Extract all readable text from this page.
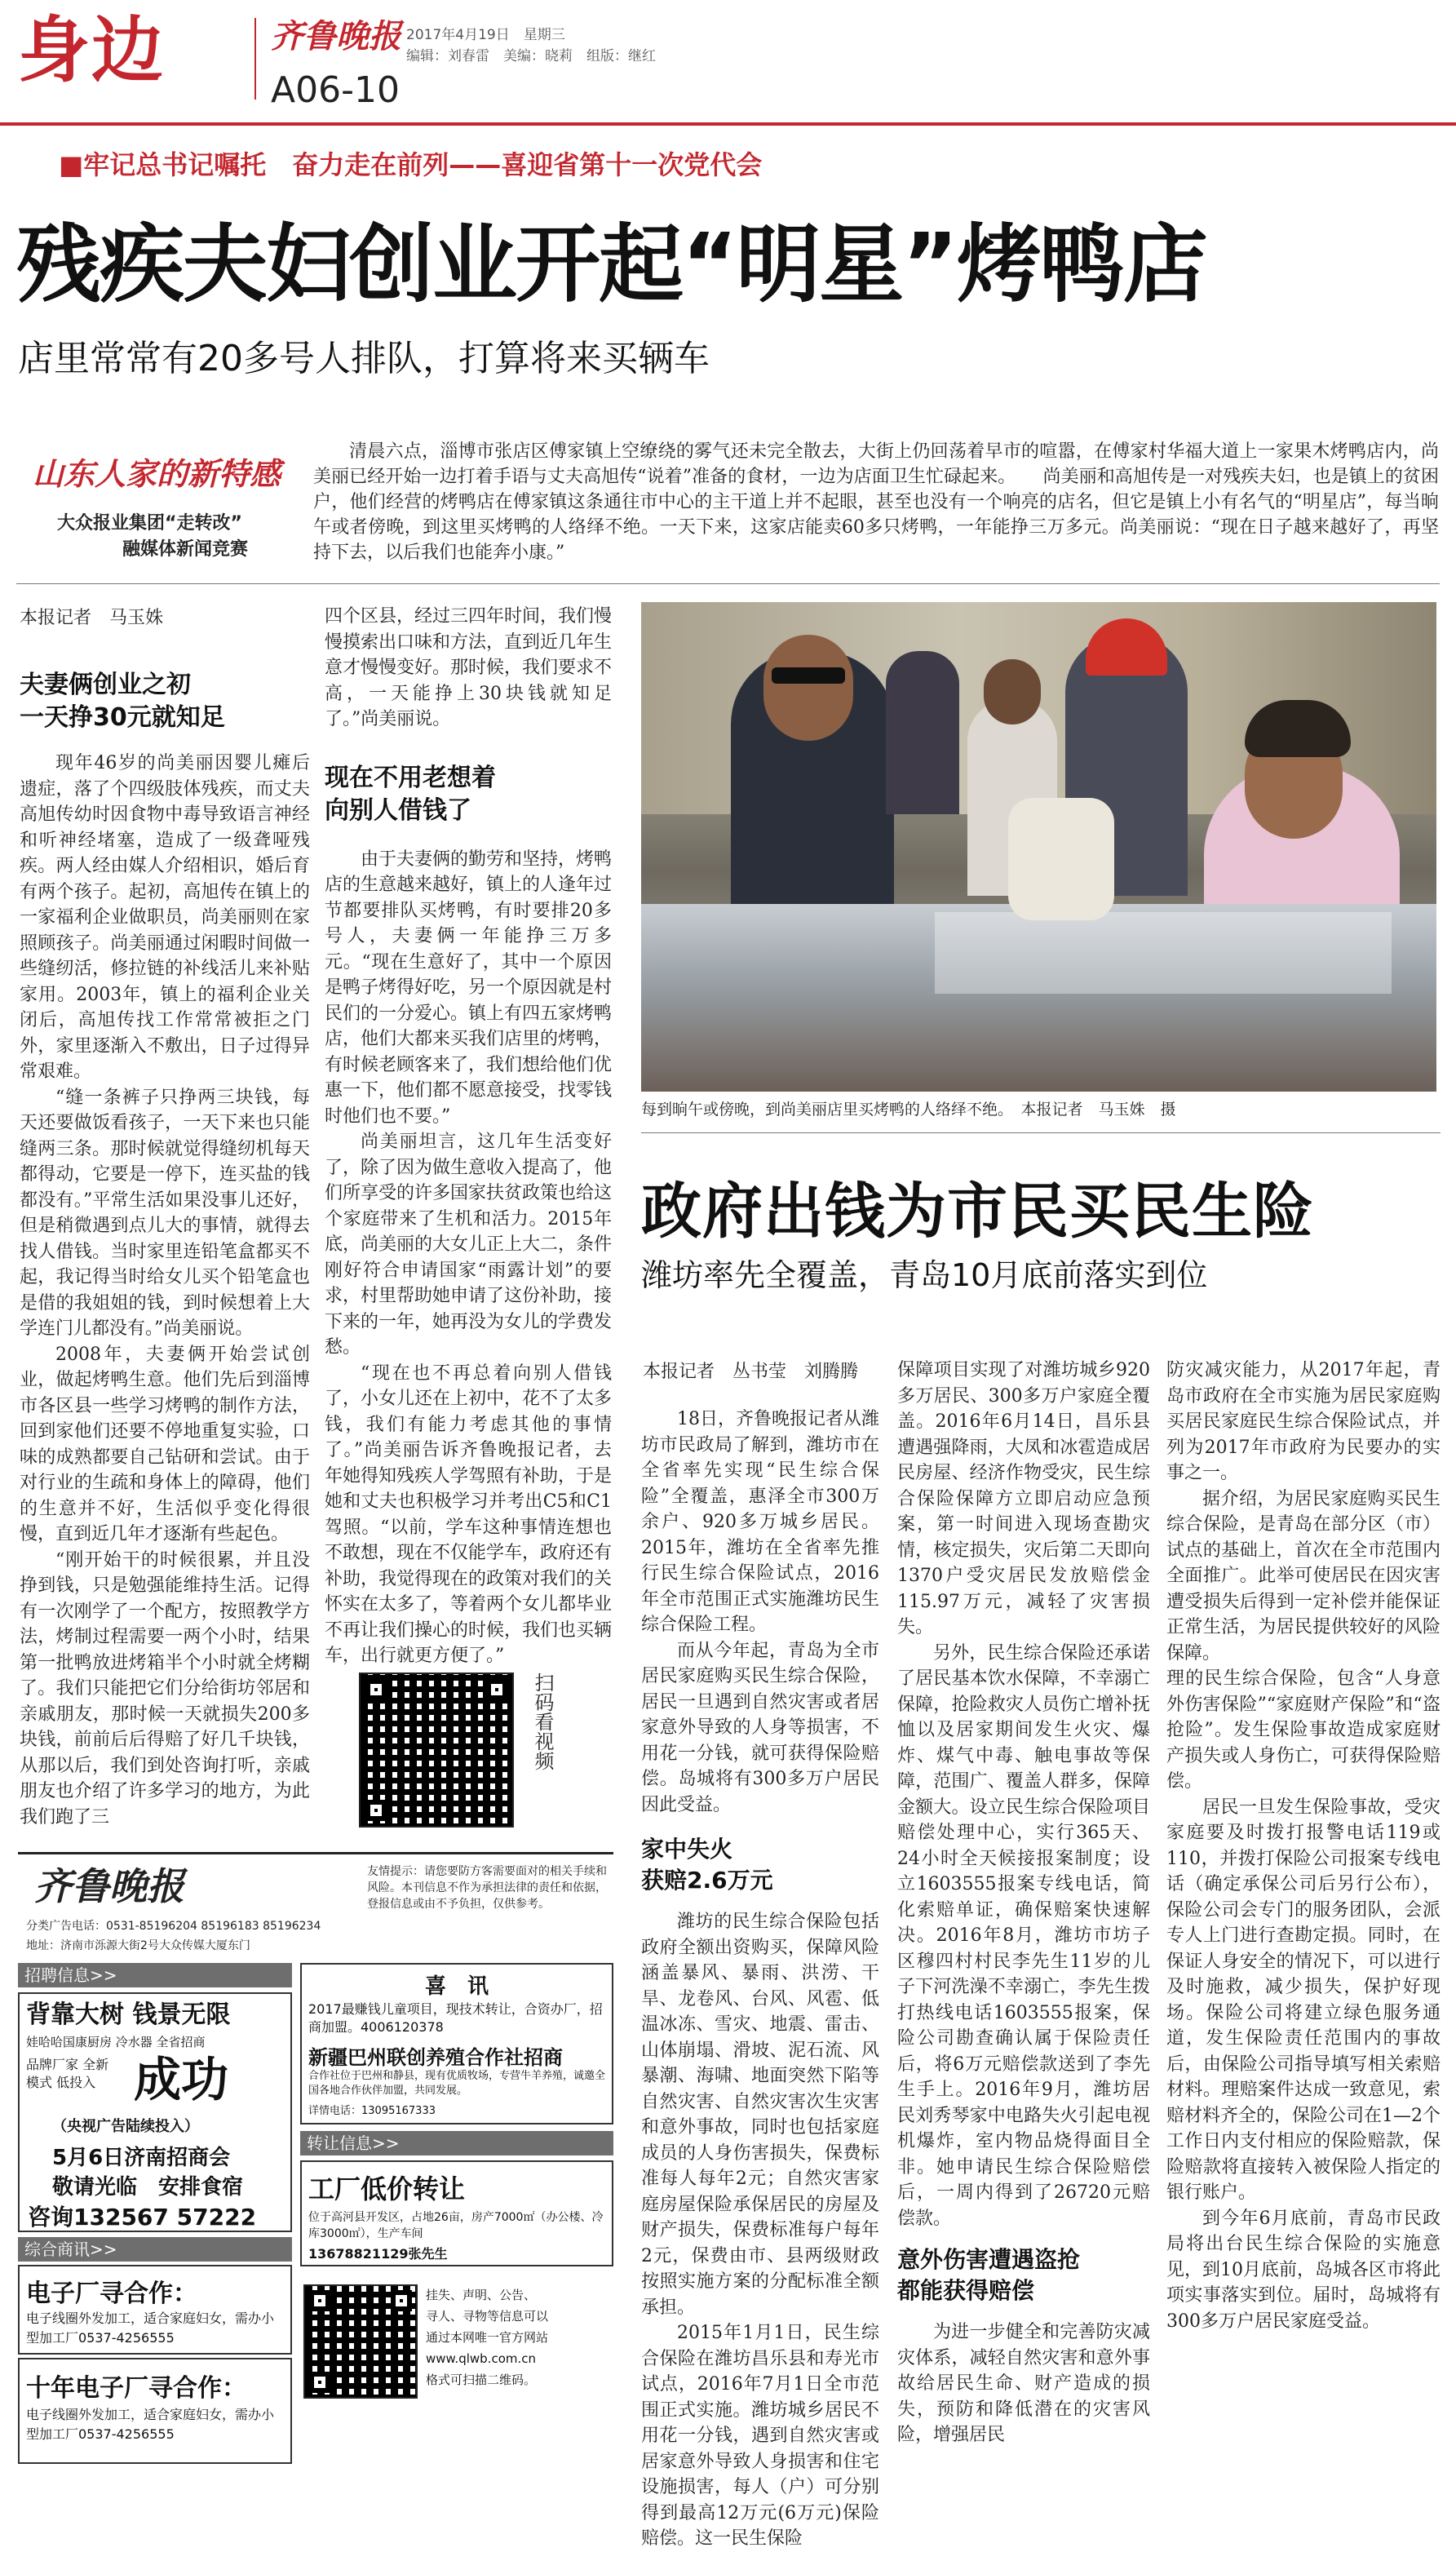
身边	A06-10
齐鲁晚报 2017年4月19日　星期三
编辑：刘春雷　美编：晓莉　组版：继红
■牢记总书记嘱托　奋力走在前列——喜迎省第十一次党代会
残疾夫妇创业开起“明星”烤鸭店
店里常常有20多号人排队，打算将来买辆车
山东人家的新特感
大众报业集团“走转改”
融媒体新闻竞赛

清晨六点，淄博市张店区傅家镇上空缭绕的雾气还未完全散去，大街上仍回荡着早市的喧嚣，在傅家村华福大道上一家果木烤鸭店内，尚美丽已经开始一边打着手语与丈夫高旭传“说着”准备的食材，一边为店面卫生忙碌起来。　　尚美丽和高旭传是一对残疾夫妇，也是镇上的贫困户，他们经营的烤鸭店在傅家镇这条通往市中心的主干道上并不起眼，甚至也没有一个响亮的店名，但它是镇上小有名气的“明星店”，每当晌午或者傍晚，到这里买烤鸭的人络绎不绝。一天下来，这家店能卖60多只烤鸭，一年能挣三万多元。尚美丽说：“现在日子越来越好了，再坚持下去，以后我们也能奔小康。”

本报记者　马玉姝
夫妻俩创业之初
一天挣30元就知足

现年46岁的尚美丽因婴儿瘫后遗症，落了个四级肢体残疾，而丈夫高旭传幼时因食物中毒导致语言神经和听神经堵塞，造成了一级聋哑残疾。两人经由媒人介绍相识，婚后育有两个孩子。起初，高旭传在镇上的一家福利企业做职员，尚美丽则在家照顾孩子。尚美丽通过闲暇时间做一些缝纫活，修拉链的补线活儿来补贴家用。2003年，镇上的福利企业关闭后，高旭传找工作常常被拒之门外，家里逐渐入不敷出，日子过得异常艰难。

“缝一条裤子只挣两三块钱，每天还要做饭看孩子，一天下来也只能缝两三条。那时候就觉得缝纫机每天都得动，它要是一停下，连买盐的钱都没有。”平常生活如果没事儿还好，但是稍微遇到点儿大的事情，就得去找人借钱。当时家里连铅笔盒都买不起，我记得当时给女儿买个铅笔盒也是借的我姐姐的钱，到时候想着上大学连门儿都没有。”尚美丽说。

2008年，夫妻俩开始尝试创业，做起烤鸭生意。他们先后到淄博市各区县一些学习烤鸭的制作方法，回到家他们还要不停地重复实验，口味的成熟都要自己钻研和尝试。由于对行业的生疏和身体上的障碍，他们的生意并不好，生活似乎变化得很慢，直到近几年才逐渐有些起色。

“刚开始干的时候很累，并且没挣到钱，只是勉强能维持生活。记得有一次刚学了一个配方，按照教学方法，烤制过程需要一两个小时，结果第一批鸭放进烤箱半个小时就全烤糊了。我们只能把它们分给街坊邻居和亲戚朋友，那时候一天就损失200多块钱，前前后后得赔了好几千块钱，从那以后，我们到处咨询打听，亲戚朋友也介绍了许多学习的地方，为此我们跑了三

四个区县，经过三四年时间，我们慢慢摸索出口味和方法，直到近几年生意才慢慢变好。那时候，我们要求不高，一天能挣上30块钱就知足了。”尚美丽说。

现在不用老想着
向别人借钱了

由于夫妻俩的勤劳和坚持，烤鸭店的生意越来越好，镇上的人逢年过节都要排队买烤鸭，有时要排20多号人，夫妻俩一年能挣三万多元。“现在生意好了，其中一个原因是鸭子烤得好吃，另一个原因就是村民们的一分爱心。镇上有四五家烤鸭店，他们大都来买我们店里的烤鸭，有时候老顾客来了，我们想给他们优惠一下，他们都不愿意接受，找零钱时他们也不要。”

尚美丽坦言，这几年生活变好了，除了因为做生意收入提高了，他们所享受的许多国家扶贫政策也给这个家庭带来了生机和活力。2015年底，尚美丽的大女儿正上大二，条件刚好符合申请国家“雨露计划”的要求，村里帮助她申请了这份补助，接下来的一年，她再没为女儿的学费发愁。

“现在也不再总着向别人借钱了，小女儿还在上初中，花不了太多钱，我们有能力考虑其他的事情了。”尚美丽告诉齐鲁晚报记者，去年她得知残疾人学驾照有补助，于是她和丈夫也积极学习并考出C5和C1驾照。“以前，学车这种事情连想也不敢想，现在不仅能学车，政府还有补助，我觉得现在的政策对我们的关怀实在太多了，等着两个女儿都毕业不再让我们操心的时候，我们也买辆车，出行就更方便了。”

扫码看视频
每到晌午或傍晚，到尚美丽店里买烤鸭的人络绎不绝。　本报记者　马玉姝　摄
政府出钱为市民买民生险
潍坊率先全覆盖，青岛10月底前落实到位
本报记者　丛书莹　刘腾腾

18日，齐鲁晚报记者从潍坊市民政局了解到，潍坊市在全省率先实现“民生综合保险”全覆盖，惠泽全市300万余户、920多万城乡居民。2015年，潍坊在全省率先推行民生综合保险试点，2016年全市范围正式实施潍坊民生综合保险工程。

而从今年起，青岛为全市居民家庭购买民生综合保险，居民一旦遇到自然灾害或者居家意外导致的人身等损害，不用花一分钱，就可获得保险赔偿。岛城将有300多万户居民因此受益。

家中失火
获赔2.6万元

潍坊的民生综合保险包括政府全额出资购买，保障风险涵盖暴风、暴雨、洪涝、干旱、龙卷风、台风、风雹、低温冰冻、雪灾、地震、雷击、山体崩塌、滑坡、泥石流、风暴潮、海啸、地面突然下陷等自然灾害、自然灾害次生灾害和意外事故，同时也包括家庭成员的人身伤害损失，保费标准每人每年2元；自然灾害家庭房屋保险承保居民的房屋及财产损失，保费标准每户每年2元，保费由市、县两级财政按照实施方案的分配标准全额承担。

2015年1月1日，民生综合保险在潍坊昌乐县和寿光市试点，2016年7月1日全市范围正式实施。潍坊城乡居民不用花一分钱，遇到自然灾害或居家意外导致人身损害和住宅设施损害，每人（户）可分别得到最高12万元(6万元)保险赔偿。这一民生保险

保障项目实现了对潍坊城乡920多万居民、300多万户家庭全覆盖。2016年6月14日，昌乐县遭遇强降雨，大凤和冰雹造成居民房屋、经济作物受灾，民生综合保险保障方立即启动应急预案，第一时间进入现场查勘灾情，核定损失，灾后第二天即向1370户受灾居民发放赔偿金115.97万元，减轻了灾害损失。

另外，民生综合保险还承诺了居民基本饮水保障，不幸溺亡保障，抢险救灾人员伤亡增补抚恤以及居家期间发生火灾、爆炸、煤气中毒、触电事故等保障，范围广、覆盖人群多，保障金额大。设立民生综合保险项目赔偿处理中心，实行365天、24小时全天候接报案制度；设立1603555报案专线电话，简化索赔单证，确保赔案快速解决。2016年8月，潍坊市坊子区穆四村村民李先生11岁的儿子下河洗澡不幸溺亡，李先生拨打热线电话1603555报案，保险公司勘查确认属于保险责任后，将6万元赔偿款送到了李先生手上。2016年9月，潍坊居民刘秀琴家中电路失火引起电视机爆炸，室内物品烧得面目全非。她申请民生综合保险赔偿后，一周内得到了26720元赔偿款。

意外伤害遭遇盗抢
都能获得赔偿

为进一步健全和完善防灾减灾体系，减轻自然灾害和意外事故给居民生命、财产造成的损失，预防和降低潜在的灾害风险，增强居民

防灾减灾能力，从2017年起，青岛市政府在全市实施为居民家庭购买居民家庭民生综合保险试点，并列为2017年市政府为民要办的实事之一。

据介绍，为居民家庭购买民生综合保险，是青岛在部分区（市）试点的基础上，首次在全市范围内全面推广。此举可使居民在因灾害遭受损失后得到一定补偿并能保证正常生活，为居民提供较好的风险保障。

理的民生综合保险，包含“人身意外伤害保险”“家庭财产保险”和“盗抢险”。发生保险事故造成家庭财产损失或人身伤亡，可获得保险赔偿。

居民一旦发生保险事故，受灾家庭要及时拨打报警电话119或110，并拨打保险公司报案专线电话（确定承保公司后另行公布），保险公司会专门的服务团队，会派专人上门进行查勘定损。同时，在保证人身安全的情况下，可以进行及时施救，减少损失，保护好现场。保险公司将建立绿色服务通道，发生保险责任范围内的事故后，由保险公司指导填写相关索赔材料。理赔案件达成一致意见，索赔材料齐全的，保险公司在1—2个工作日内支付相应的保险赔款，保险赔款将直接转入被保险人指定的银行账户。

到今年6月底前，青岛市民政局将出台民生综合保险的实施意见，到10月底前，岛城各区市将此项实事落实到位。届时，岛城将有300多万户居民家庭受益。

齐鲁晚报
分类广告电话：0531-85196204 85196183 85196234
地址：济南市泺源大街2号大众传媒大厦东门
友情提示：请您要防方客需要面对的相关手续和风险。本刊信息不作为承担法律的责任和依据，登报信息或由不予负担，仅供参考。
招聘信息>>
背靠大树 钱景无限
娃哈哈国康厨房 冷水器 全省招商
品牌厂家 全新模式 低投入 成功
（央视广告陆续投入）
5月6日济南招商会
敬请光临　安排食宿
咨询132567 57222
综合商讯>>
电子厂寻合作：
电子线圈外发加工，适合家庭妇女，需办小型加工厂0537-4256555
十年电子厂寻合作：
电子线圈外发加工，适合家庭妇女，需办小型加工厂0537-4256555
喜　讯
2017最赚钱儿童项目，现技术转让，合资办厂，招商加盟。4006120378
新疆巴州联创养殖合作社招商
合作社位于巴州和静县，现有优质牧场，专营牛羊养殖，诚邀全国各地合作伙伴加盟，共同发展。
详情电话：13095167333
转让信息>>
工厂低价转让
位于高河县开发区，占地26亩，房产7000㎡（办公楼、冷库3000㎡），生产车间
13678821129张先生
挂失、声明、公告、
寻人、寻物等信息可以
通过本网唯一官方网站
www.qlwb.com.cn
格式可扫描二维码。
